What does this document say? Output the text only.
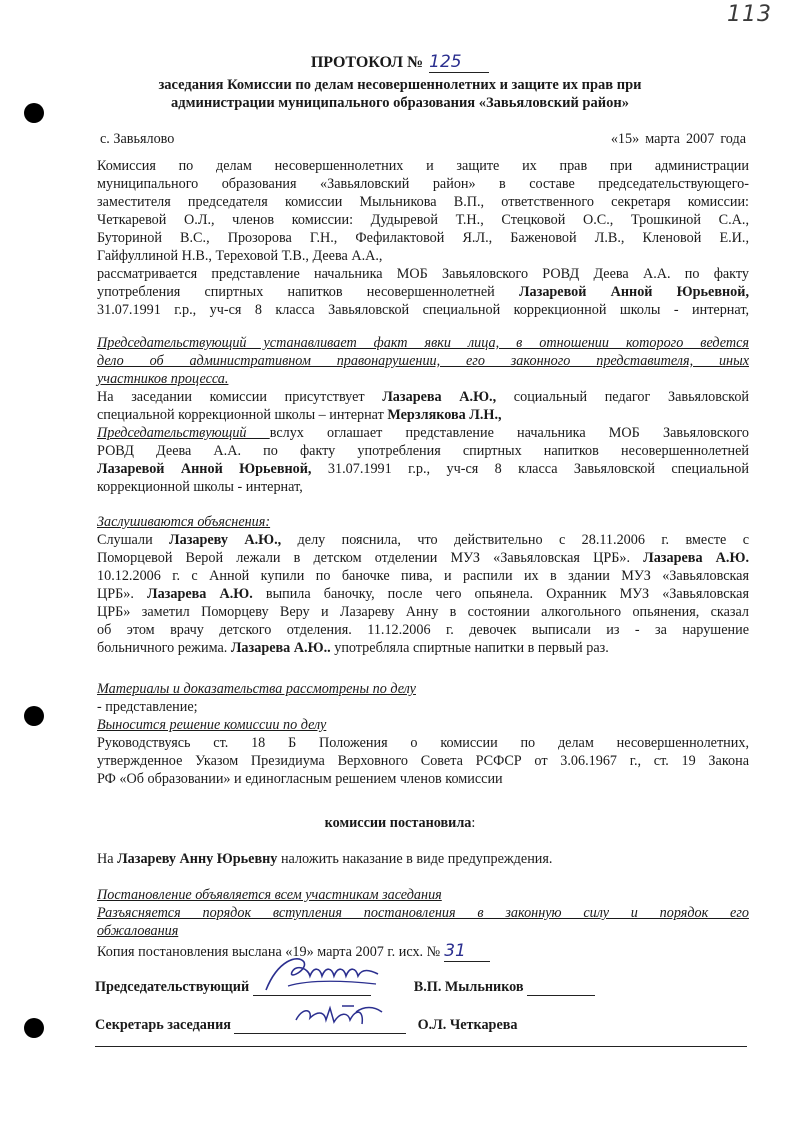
113
ПРОТОКОЛ № 125
заседания Комиссии по делам несовершеннолетних и защите их прав при
администрации муниципального образования «Завьяловский район»
с. Завьялово	«15» марта 2007 года

Комиссия по делам несовершеннолетних и защите их прав при администрации

муниципального образования «Завьяловский район» в составе председательствующего-

заместителя председателя комиссии Мыльникова В.П., ответственного секретаря комиссии:

Четкаревой О.Л., членов комиссии: Дудыревой Т.Н., Стецковой О.С., Трошкиной С.А.,

Буториной В.С., Прозорова Г.Н., Фефилактовой Я.Л., Баженовой Л.В., Кленовой Е.И.,

Гайфуллиной Н.В., Тереховой Т.В., Деева А.А.,

рассматривается представление начальника МОБ Завьяловского РОВД Деева А.А. по факту

употребления спиртных напитков несовершеннолетней Лазаревой Анной Юрьевной,

31.07.1991 г.р., уч-ся 8 класса Завьяловской специальной коррекционной школы - интернат,

Председательствующий устанавливает факт явки лица, в отношении которого ведется

дело об административном правонарушении, его законного представителя, иных

участников процесса.

На заседании комиссии присутствует Лазарева А.Ю., социальный педагог Завьяловской

специальной коррекционной школы – интернат Мерзлякова Л.Н.,

Председательствующий вслух оглашает представление начальника МОБ Завьяловского

РОВД Деева А.А. по факту употребления спиртных напитков несовершеннолетней

Лазаревой Анной Юрьевной, 31.07.1991 г.р., уч-ся 8 класса Завьяловской специальной

коррекционной школы - интернат,

Заслушиваются объяснения:

Слушали Лазареву А.Ю., делу пояснила, что действительно с 28.11.2006 г. вместе с

Поморцевой Верой лежали в детском отделении МУЗ «Завьяловская ЦРБ». Лазарева А.Ю.

10.12.2006 г. с Анной купили по баночке пива, и распили их в здании МУЗ «Завьяловская

ЦРБ». Лазарева А.Ю. выпила баночку, после чего опьянела. Охранник МУЗ «Завьяловская

ЦРБ» заметил Поморцеву Веру и Лазареву Анну в состоянии алкогольного опьянения, сказал

об этом врачу детского отделения. 11.12.2006 г. девочек выписали из - за нарушение

больничного режима. Лазарева А.Ю.. употребляла спиртные напитки в первый раз.

Материалы и доказательства рассмотрены по делу

- представление;

Выносится решение комиссии по делу

Руководствуясь ст. 18 Б Положения о комиссии по делам несовершеннолетних,

утвержденное Указом Президиума Верховного Совета РСФСР от 3.06.1967 г., ст. 19 Закона

РФ «Об образовании» и единогласным решением членов комиссии

комиссии постановила:

На Лазареву Анну Юрьевну наложить наказание в виде предупреждения.

Постановление объявляется всем участникам заседания

Разъясняется порядок вступления постановления в законную силу и порядок его

обжалования

Копия постановления выслана «19» марта 2007 г. исх. № 31
Председательствующий	В.П. Мыльников
Секретарь заседания	О.Л. Четкарева
